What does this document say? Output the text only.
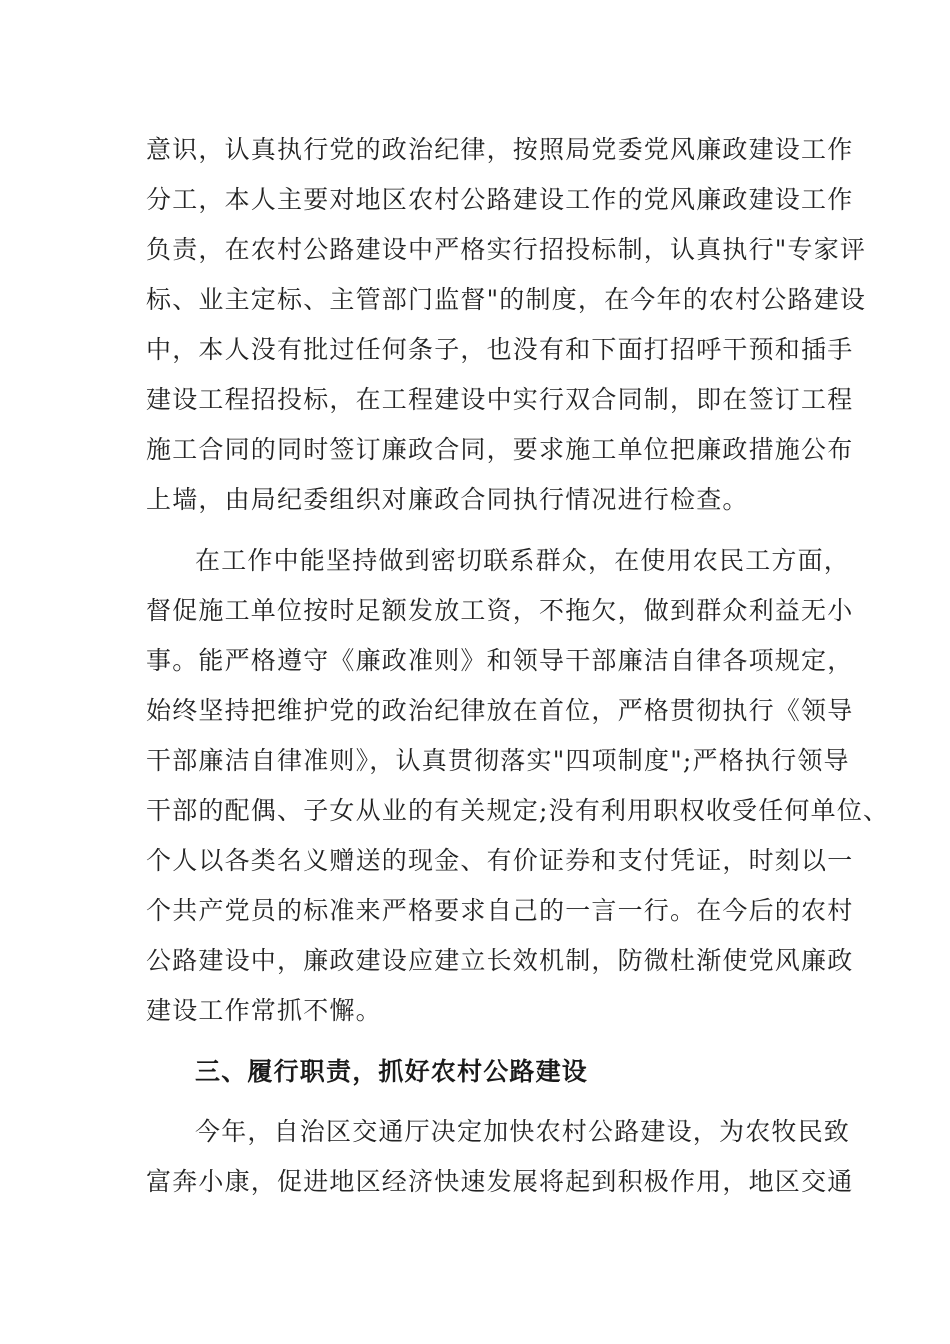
意识，认真执行党的政治纪律，按照局党委党风廉政建设工作

分工，本人主要对地区农村公路建设工作的党风廉政建设工作

负责，在农村公路建设中严格实行招投标制，认真执行"专家评

标、业主定标、主管部门监督"的制度，在今年的农村公路建设

中，本人没有批过任何条子，也没有和下面打招呼干预和插手

建设工程招投标，在工程建设中实行双合同制，即在签订工程

施工合同的同时签订廉政合同，要求施工单位把廉政措施公布

上墙，由局纪委组织对廉政合同执行情况进行检查。

在工作中能坚持做到密切联系群众，在使用农民工方面，

督促施工单位按时足额发放工资，不拖欠，做到群众利益无小

事。能严格遵守《廉政准则》和领导干部廉洁自律各项规定，

始终坚持把维护党的政治纪律放在首位，严格贯彻执行《领导

干部廉洁自律准则》，认真贯彻落实"四项制度";严格执行领导

干部的配偶、子女从业的有关规定;没有利用职权收受任何单位、

个人以各类名义赠送的现金、有价证券和支付凭证，时刻以一

个共产党员的标准来严格要求自己的一言一行。在今后的农村

公路建设中，廉政建设应建立长效机制，防微杜渐使党风廉政

建设工作常抓不懈。

三、履行职责，抓好农村公路建设

今年，自治区交通厅决定加快农村公路建设，为农牧民致

富奔小康，促进地区经济快速发展将起到积极作用，地区交通
